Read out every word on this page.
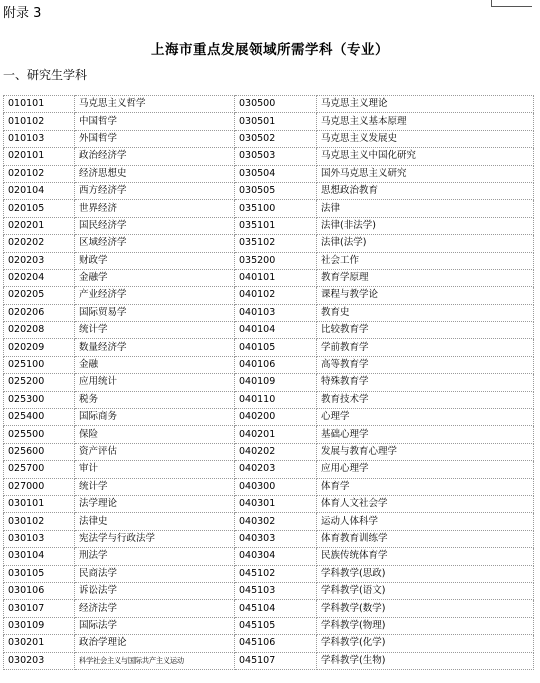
附录 3
上海市重点发展领域所需学科（专业）
一、研究生学科
010101	马克思主义哲学	030500	马克思主义理论
010102	中国哲学	030501	马克思主义基本原理
010103	外国哲学	030502	马克思主义发展史
020101	政治经济学	030503	马克思主义中国化研究
020102	经济思想史	030504	国外马克思主义研究
020104	西方经济学	030505	思想政治教育
020105	世界经济	035100	法律
020201	国民经济学	035101	法律(非法学)
020202	区域经济学	035102	法律(法学)
020203	财政学	035200	社会工作
020204	金融学	040101	教育学原理
020205	产业经济学	040102	课程与教学论
020206	国际贸易学	040103	教育史
020208	统计学	040104	比较教育学
020209	数量经济学	040105	学前教育学
025100	金融	040106	高等教育学
025200	应用统计	040109	特殊教育学
025300	税务	040110	教育技术学
025400	国际商务	040200	心理学
025500	保险	040201	基础心理学
025600	资产评估	040202	发展与教育心理学
025700	审计	040203	应用心理学
027000	统计学	040300	体育学
030101	法学理论	040301	体育人文社会学
030102	法律史	040302	运动人体科学
030103	宪法学与行政法学	040303	体育教育训练学
030104	刑法学	040304	民族传统体育学
030105	民商法学	045102	学科教学(思政)
030106	诉讼法学	045103	学科教学(语文)
030107	经济法学	045104	学科教学(数学)
030109	国际法学	045105	学科教学(物理)
030201	政治学理论	045106	学科教学(化学)
030203	科学社会主义与国际共产主义运动	045107	学科教学(生物)
